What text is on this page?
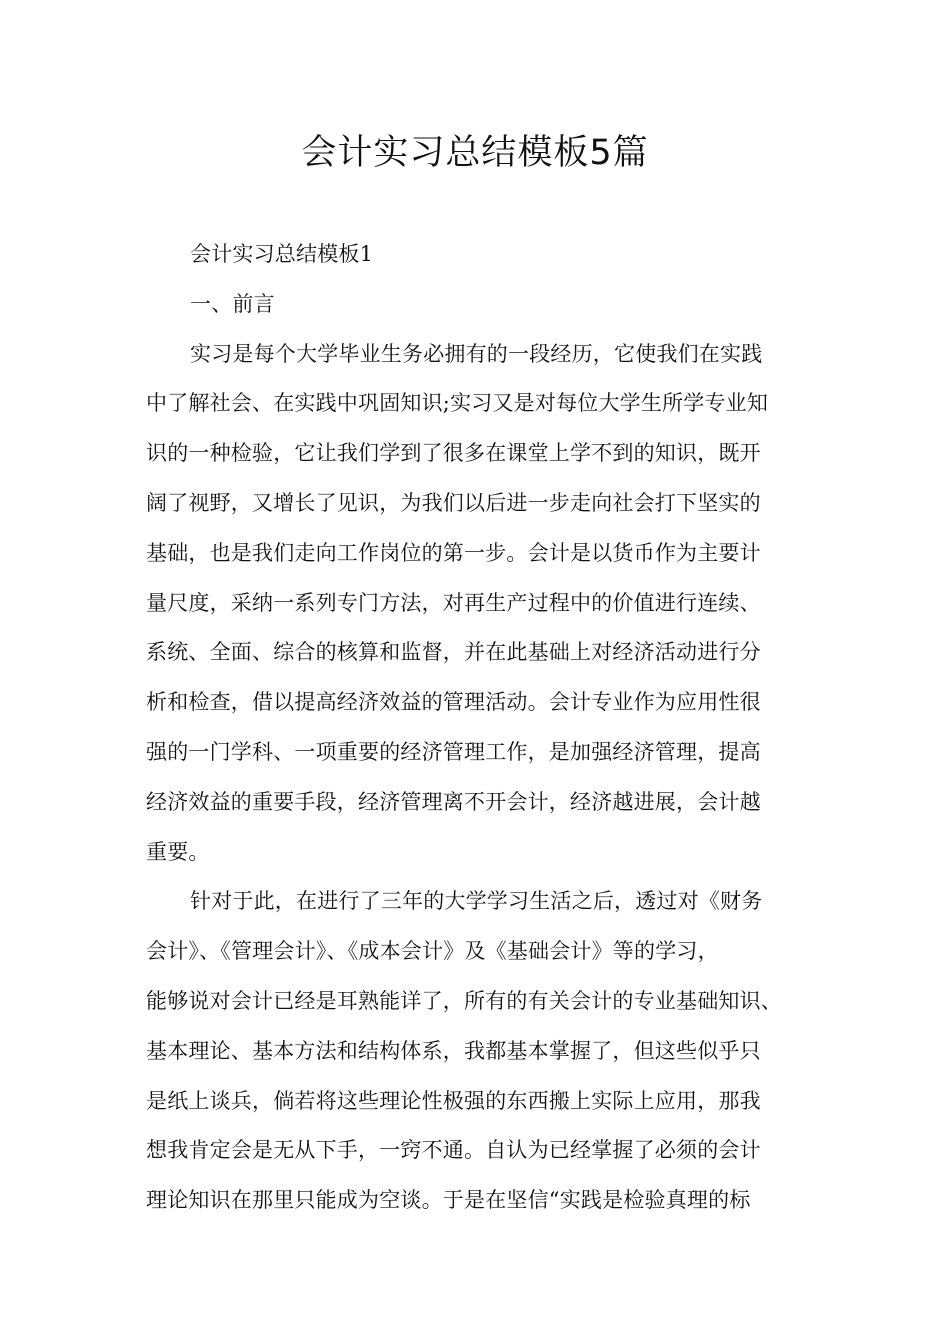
会计实习总结模板5篇
会计实习总结模板1
一、前言
实习是每个大学毕业生务必拥有的一段经历，它使我们在实践
中了解社会、在实践中巩固知识;实习又是对每位大学生所学专业知
识的一种检验，它让我们学到了很多在课堂上学不到的知识，既开
阔了视野，又增长了见识，为我们以后进一步走向社会打下坚实的
基础，也是我们走向工作岗位的第一步。会计是以货币作为主要计
量尺度，采纳一系列专门方法，对再生产过程中的价值进行连续、
系统、全面、综合的核算和监督，并在此基础上对经济活动进行分
析和检查，借以提高经济效益的管理活动。会计专业作为应用性很
强的一门学科、一项重要的经济管理工作，是加强经济管理，提高
经济效益的重要手段，经济管理离不开会计，经济越进展，会计越
重要。
针对于此，在进行了三年的大学学习生活之后，透过对《财务
会计》、《管理会计》、《成本会计》及《基础会计》等的学习，
能够说对会计已经是耳熟能详了，所有的有关会计的专业基础知识、
基本理论、基本方法和结构体系，我都基本掌握了，但这些似乎只
是纸上谈兵，倘若将这些理论性极强的东西搬上实际上应用，那我
想我肯定会是无从下手，一窍不通。自认为已经掌握了必须的会计
理论知识在那里只能成为空谈。于是在坚信“实践是检验真理的标
